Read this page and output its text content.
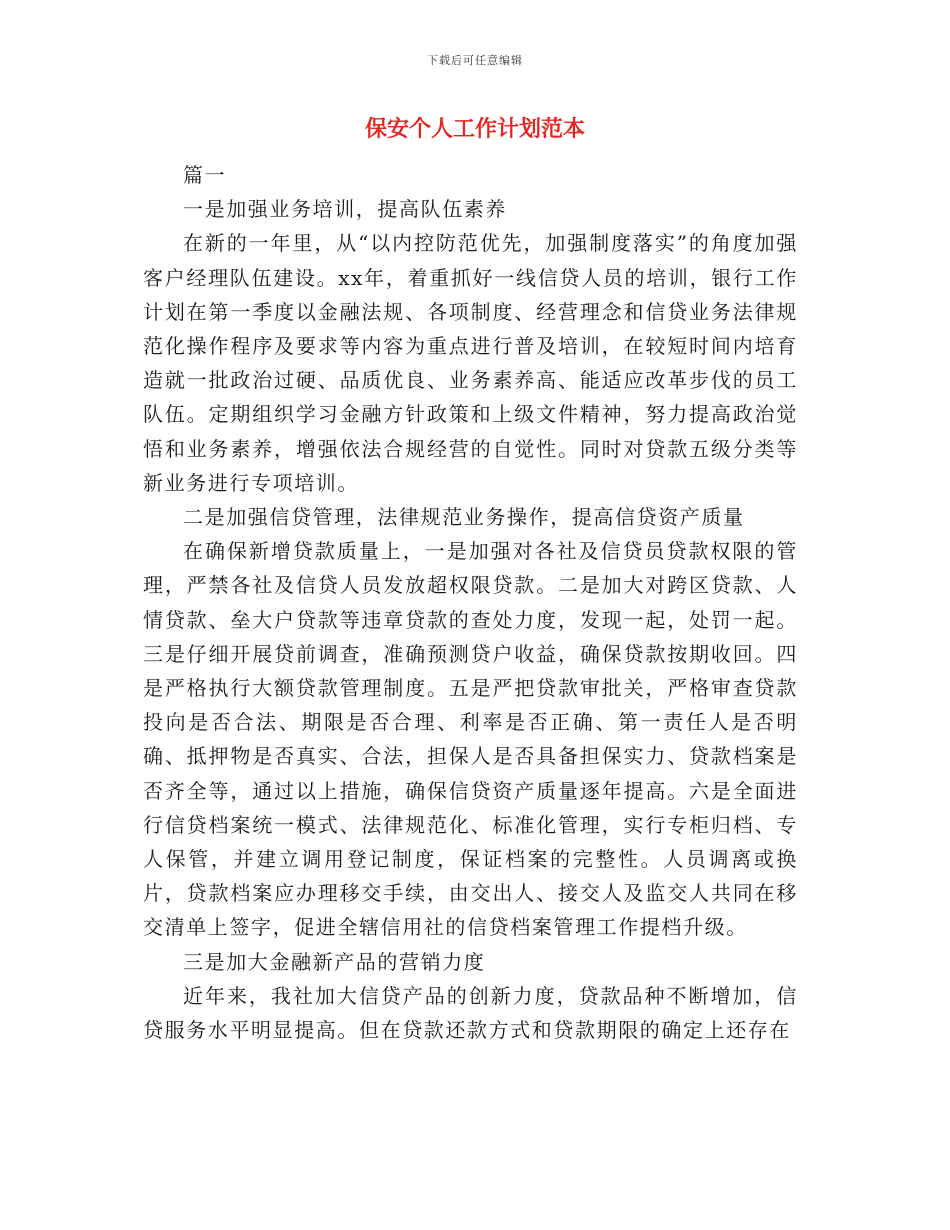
下载后可任意编辑
保安个人工作计划范本

篇一

一是加强业务培训，提高队伍素养

在新的一年里，从“以内控防范优先，加强制度落实”的角度加强客户经理队伍建设。xx年，着重抓好一线信贷人员的培训，银行工作计划在第一季度以金融法规、各项制度、经营理念和信贷业务法律规范化操作程序及要求等内容为重点进行普及培训，在较短时间内培育造就一批政治过硬、品质优良、业务素养高、能适应改革步伐的员工队伍。定期组织学习金融方针政策和上级文件精神，努力提高政治觉悟和业务素养，增强依法合规经营的自觉性。同时对贷款五级分类等新业务进行专项培训。

二是加强信贷管理，法律规范业务操作，提高信贷资产质量

在确保新增贷款质量上，一是加强对各社及信贷员贷款权限的管理，严禁各社及信贷人员发放超权限贷款。二是加大对跨区贷款、人情贷款、垒大户贷款等违章贷款的查处力度，发现一起，处罚一起。三是仔细开展贷前调查，准确预测贷户收益，确保贷款按期收回。四是严格执行大额贷款管理制度。五是严把贷款审批关，严格审查贷款投向是否合法、期限是否合理、利率是否正确、第一责任人是否明确、抵押物是否真实、合法，担保人是否具备担保实力、贷款档案是否齐全等，通过以上措施，确保信贷资产质量逐年提高。六是全面进行信贷档案统一模式、法律规范化、标准化管理，实行专柜归档、专人保管，并建立调用登记制度，保证档案的完整性。人员调离或换片，贷款档案应办理移交手续，由交出人、接交人及监交人共同在移交清单上签字，促进全辖信用社的信贷档案管理工作提档升级。

三是加大金融新产品的营销力度

近年来，我社加大信贷产品的创新力度，贷款品种不断增加，信贷服务水平明显提高。但在贷款还款方式和贷款期限的确定上还存在
